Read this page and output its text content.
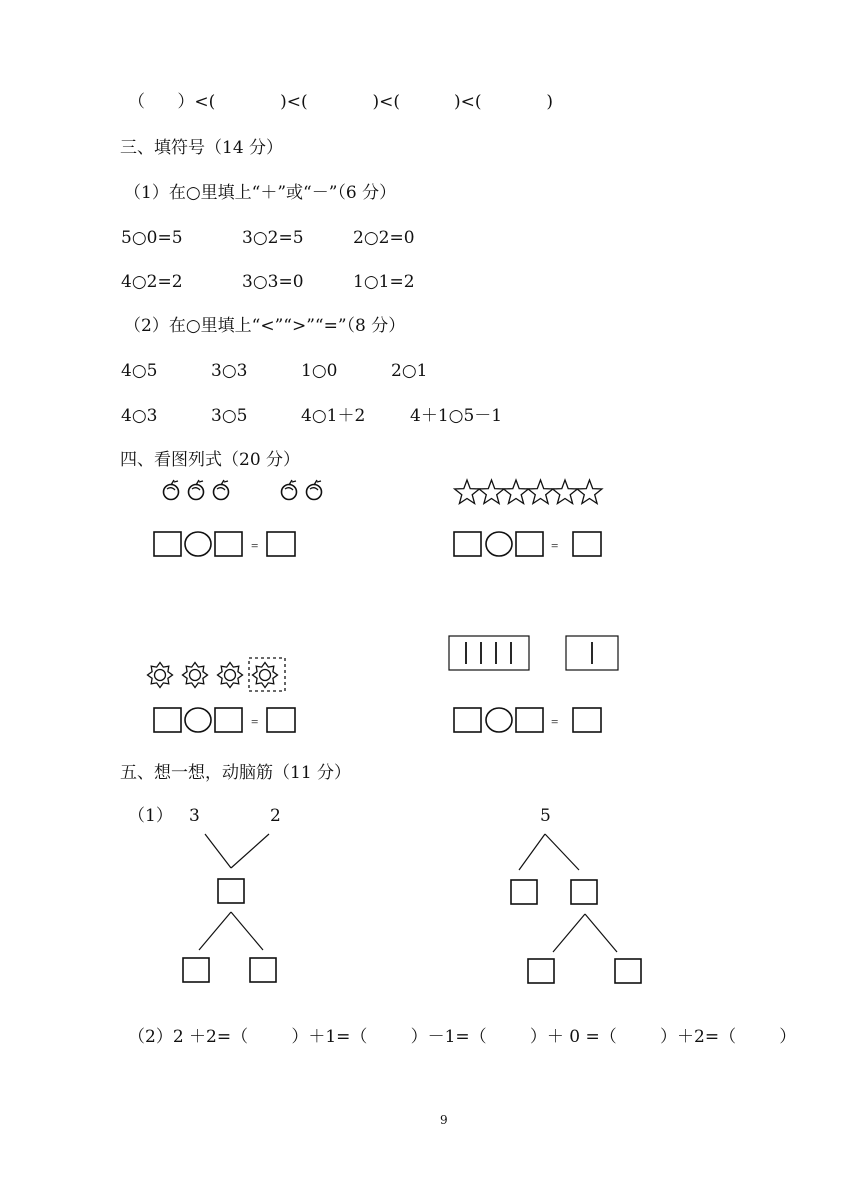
（      ）<(            )<(            )<(          )<(            )
三、填符号（14 分）
（1）在○里填上“＋”或“－”（6 分）
5○0=5	3○2=5	2○2=0
4○2=2	3○3=0	1○1=2
（2）在○里填上“<”“>”“=”（8 分）
4○5	3○3	1○0	2○1
4○3	3○5	4○1＋2	4＋1○5－1
四、看图列式（20 分）
=	=
=	=
五、想一想，动脑筋（11 分）
（1） 3	2	5
（2）2 ＋2=（        ）＋1=（        ）－1=（        ）＋ 0 =（        ）＋2=（        ）
9
